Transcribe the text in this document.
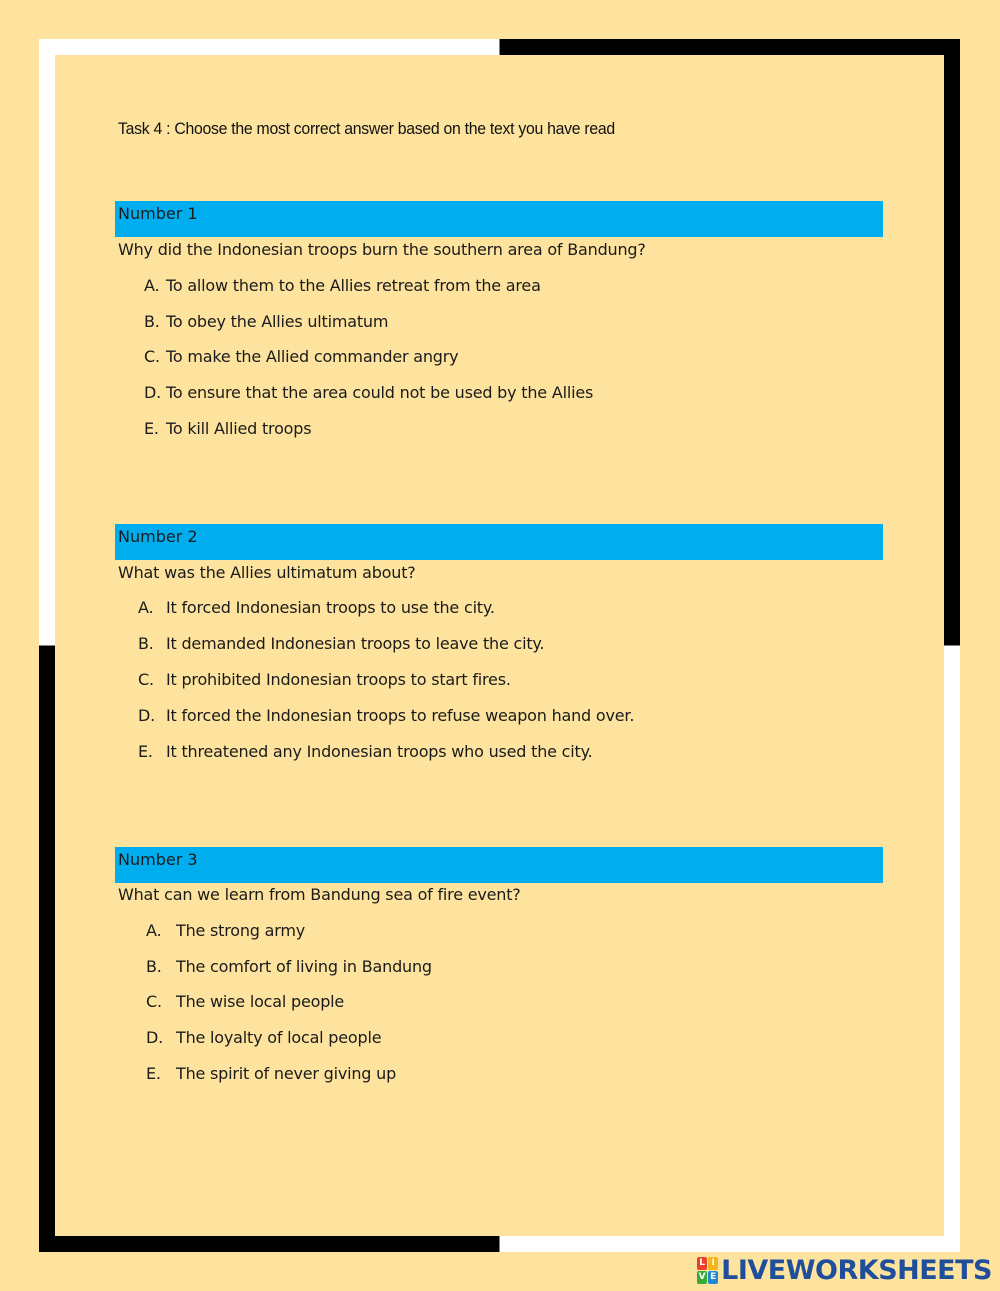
Task 4 : Choose the most correct answer based on the text you have read
Number 1
Why did the Indonesian troops burn the southern area of Bandung?
A. To allow them to the Allies retreat from the area
B. To obey the Allies ultimatum
C. To make the Allied commander angry
D. To ensure that the area could not be used by the Allies
E. To kill Allied troops
Number 2
What was the Allies ultimatum about?
A. It forced Indonesian troops to use the city.
B. It demanded Indonesian troops to leave the city.
C. It prohibited Indonesian troops to start fires.
D. It forced the Indonesian troops to refuse weapon hand over.
E. It threatened any Indonesian troops who used the city.
Number 3
What can we learn from Bandung sea of fire event?
A. The strong army
B. The comfort of living in Bandung
C. The wise local people
D. The loyalty of local people
E. The spirit of never giving up
L I
V E LIVEWORKSHEETS
